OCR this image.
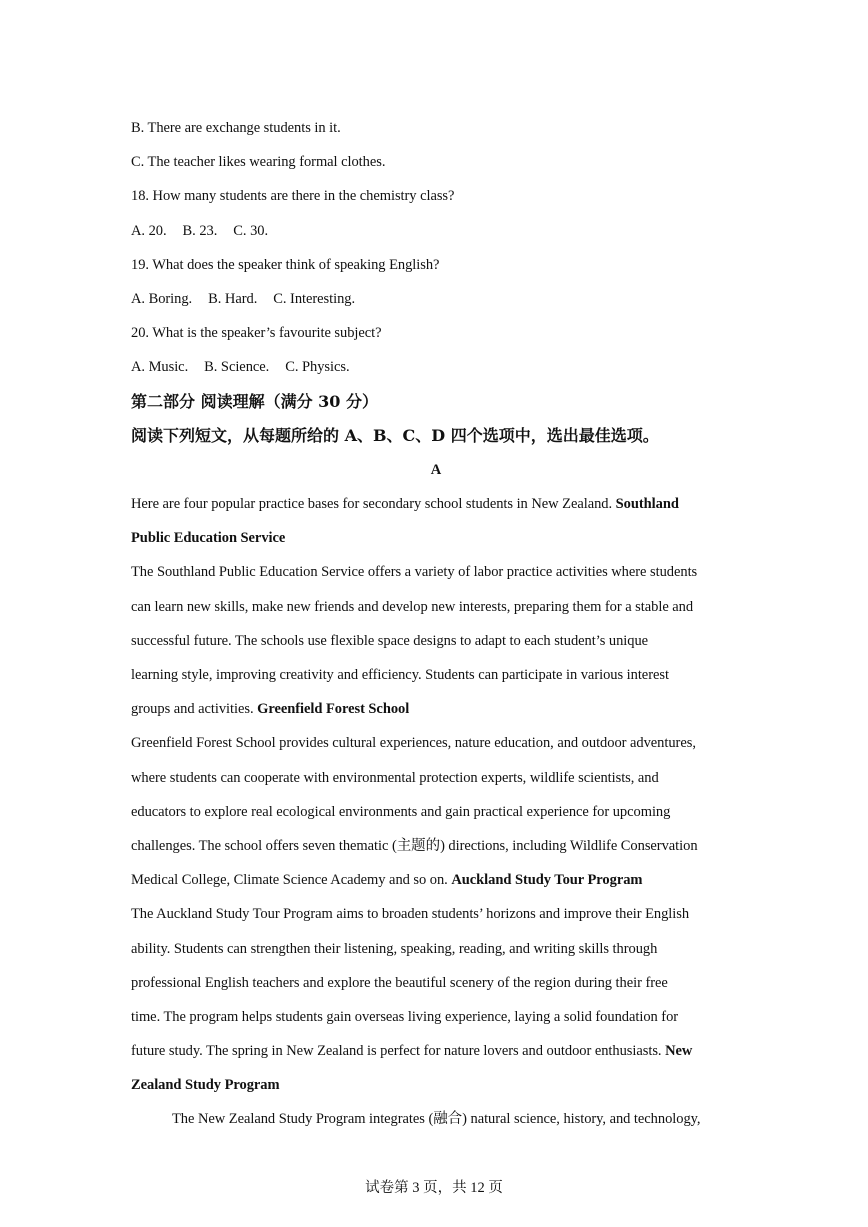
B. There are exchange students in it.
C. The teacher likes wearing formal clothes.
18. How many students are there in the chemistry class?
A. 20. B. 23. C. 30.
19. What does the speaker think of speaking English?
A. Boring. B. Hard. C. Interesting.
20. What is the speaker’s favourite subject?
A. Music. B. Science. C. Physics.
第二部分 阅读理解（满分 30 分）
阅读下列短文，从每题所给的 A、B、C、D 四个选项中，选出最佳选项。
A
Here are four popular practice bases for secondary school students in New Zealand. Southland
Public Education Service
The Southland Public Education Service offers a variety of labor practice activities where students
can learn new skills, make new friends and develop new interests, preparing them for a stable and
successful future. The schools use flexible space designs to adapt to each student’s unique
learning style, improving creativity and efficiency. Students can participate in various interest
groups and activities. Greenfield Forest School
Greenfield Forest School provides cultural experiences, nature education, and outdoor adventures,
where students can cooperate with environmental protection experts, wildlife scientists, and
educators to explore real ecological environments and gain practical experience for upcoming
challenges. The school offers seven thematic (主题的) directions, including Wildlife Conservation
Medical College, Climate Science Academy and so on. Auckland Study Tour Program
The Auckland Study Tour Program aims to broaden students’ horizons and improve their English
ability. Students can strengthen their listening, speaking, reading, and writing skills through
professional English teachers and explore the beautiful scenery of the region during their free
time. The program helps students gain overseas living experience, laying a solid foundation for
future study. The spring in New Zealand is perfect for nature lovers and outdoor enthusiasts. New
Zealand Study Program
The New Zealand Study Program integrates (融合) natural science, history, and technology,
试卷第 3 页，共 12 页
